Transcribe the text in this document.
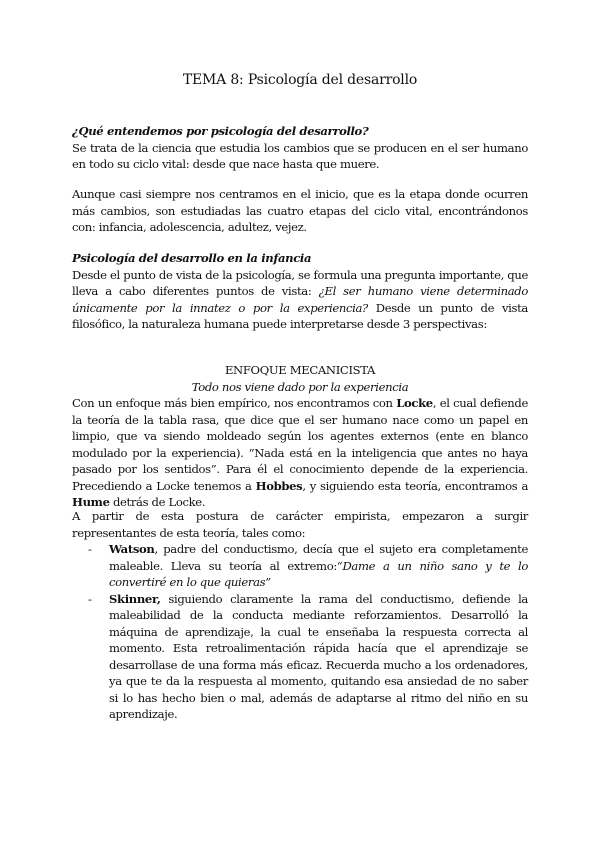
TEMA 8: Psicología del desarrollo

¿Qué entendemos por psicología del desarrollo?

Se trata de la ciencia que estudia los cambios que se producen en el ser humano en todo su ciclo vital: desde que nace hasta que muere.

Aunque casi siempre nos centramos en el inicio, que es la etapa donde ocurren más cambios, son estudiadas las cuatro etapas del ciclo vital, encontrándonos con: infancia, adolescencia, adultez, vejez.

Psicología del desarrollo en la infancia

Desde el punto de vista de la psicología, se formula una pregunta importante, que lleva a cabo diferentes puntos de vista: ¿El ser humano viene determinado únicamente por la innatez o por la experiencia? Desde un punto de vista filosófico, la naturaleza humana puede interpretarse desde 3 perspectivas:

ENFOQUE MECANICISTA

Todo nos viene dado por la experiencia

Con un enfoque más bien empírico, nos encontramos con Locke, el cual defiende la teoría de la tabla rasa, que dice que el ser humano nace como un papel en limpio, que va siendo moldeado según los agentes externos (ente en blanco modulado por la experiencia). “Nada está en la inteligencia que antes no haya pasado por los sentidos”. Para él el conocimiento depende de la experiencia. Precediendo a Locke tenemos a Hobbes, y siguiendo esta teoría, encontramos a Hume detrás de Locke.

A partir de esta postura de carácter empirista, empezaron a surgir representantes de esta teoría, tales como:

- Watson, padre del conductismo, decía que el sujeto era completamente maleable. Lleva su teoría al extremo:“Dame a un niño sano y te lo convertiré en lo que quieras”
- Skinner, siguiendo claramente la rama del conductismo, defiende la maleabilidad de la conducta mediante reforzamientos. Desarrolló la máquina de aprendizaje, la cual te enseñaba la respuesta correcta al momento. Esta retroalimentación rápida hacía que el aprendizaje se desarrollase de una forma más eficaz. Recuerda mucho a los ordenadores, ya que te da la respuesta al momento, quitando esa ansiedad de no saber si lo has hecho bien o mal, además de adaptarse al ritmo del niño en su aprendizaje.
